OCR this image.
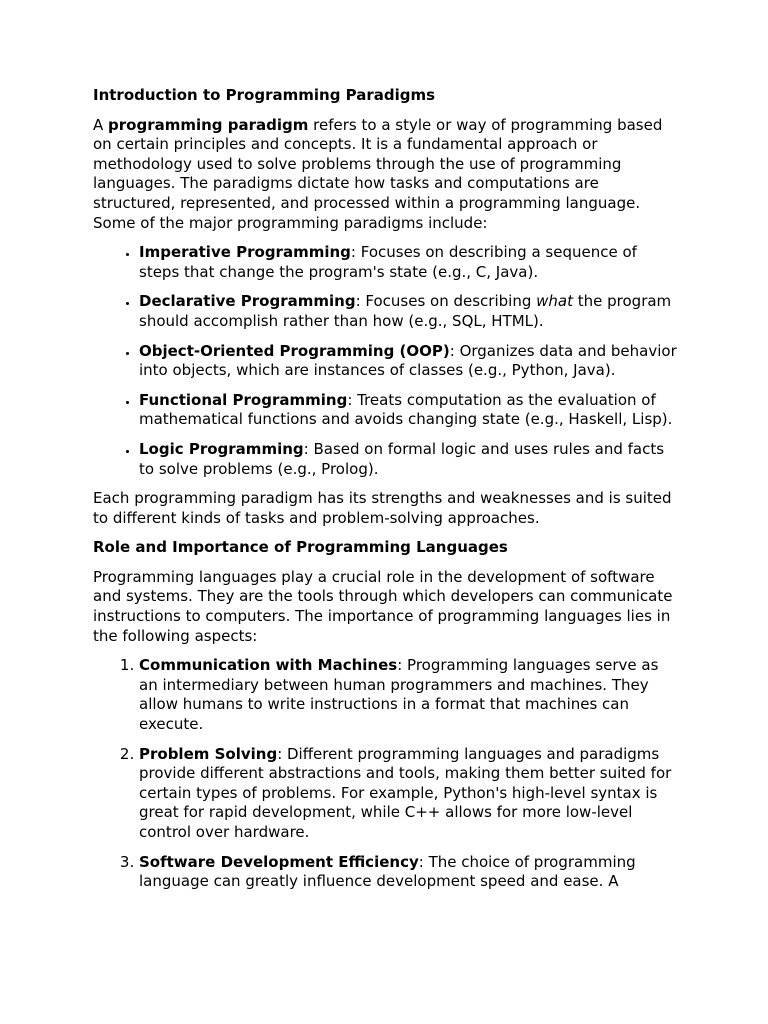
Introduction to Programming Paradigms

A programming paradigm refers to a style or way of programming based on certain principles and concepts. It is a fundamental approach or methodology used to solve problems through the use of programming languages. The paradigms dictate how tasks and computations are structured, represented, and processed within a programming language. Some of the major programming paradigms include:

• Imperative Programming: Focuses on describing a sequence of steps that change the program's state (e.g., C, Java).
• Declarative Programming: Focuses on describing what the program should accomplish rather than how (e.g., SQL, HTML).
• Object-Oriented Programming (OOP): Organizes data and behavior into objects, which are instances of classes (e.g., Python, Java).
• Functional Programming: Treats computation as the evaluation of mathematical functions and avoids changing state (e.g., Haskell, Lisp).
• Logic Programming: Based on formal logic and uses rules and facts to solve problems (e.g., Prolog).

Each programming paradigm has its strengths and weaknesses and is suited to different kinds of tasks and problem-solving approaches.

Role and Importance of Programming Languages

Programming languages play a crucial role in the development of software and systems. They are the tools through which developers can communicate instructions to computers. The importance of programming languages lies in the following aspects:

1. Communication with Machines: Programming languages serve as an intermediary between human programmers and machines. They allow humans to write instructions in a format that machines can execute.
2. Problem Solving: Different programming languages and paradigms provide different abstractions and tools, making them better suited for certain types of problems. For example, Python's high-level syntax is great for rapid development, while C++ allows for more low-level control over hardware.
3. Software Development Efficiency: The choice of programming language can greatly influence development speed and ease. A
